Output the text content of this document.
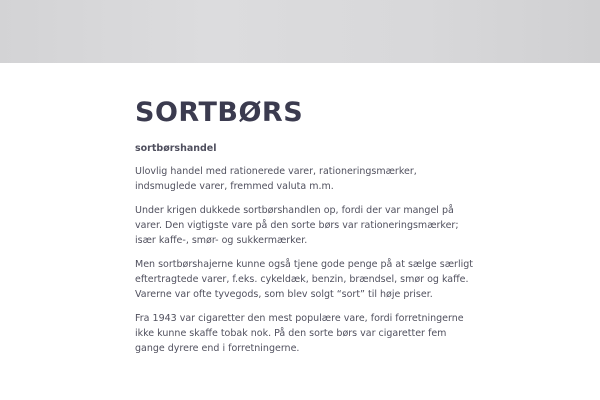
SORTBØRS
sortbørshandel

Ulovlig handel med rationerede varer, rationeringsmærker, indsmuglede varer, fremmed valuta m.m.

Under krigen dukkede sortbørshandlen op, fordi der var mangel på varer. Den vigtigste vare på den sorte børs var rationeringsmærker; især kaffe-, smør- og sukkermærker.

Men sortbørshajerne kunne også tjene gode penge på at sælge særligt eftertragtede varer, f.eks. cykeldæk, benzin, brændsel, smør og kaffe. Varerne var ofte tyvegods, som blev solgt “sort” til høje priser.

Fra 1943 var cigaretter den mest populære vare, fordi forretningerne ikke kunne skaffe tobak nok. På den sorte børs var cigaretter fem gange dyrere end i forretningerne.
